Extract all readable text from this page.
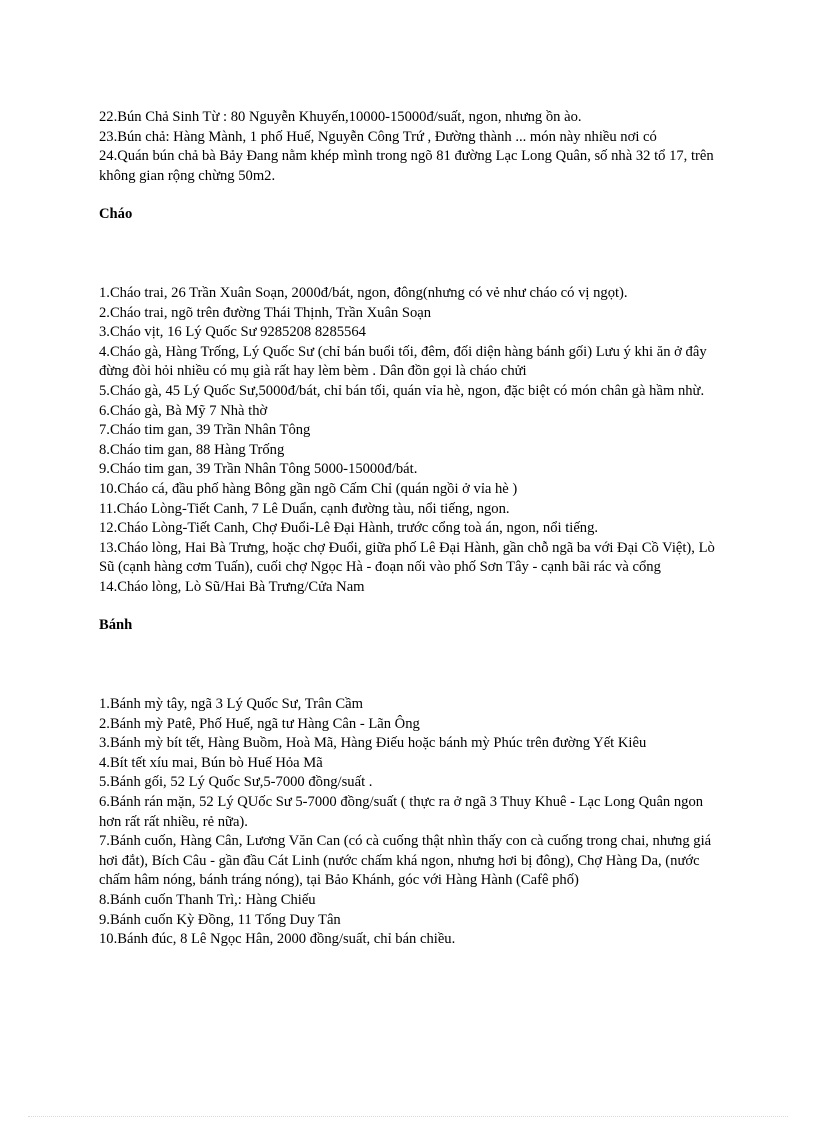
22.Bún Chả Sinh Từ : 80 Nguyễn Khuyến,10000-15000đ/suất, ngon, nhưng ồn ào.

23.Bún chả: Hàng Mành, 1 phố Huế, Nguyễn Công Trứ , Đường thành ... món này nhiều nơi có

24.Quán bún chả bà Bảy Đang nằm khép mình trong ngõ 81 đường Lạc Long Quân, số nhà 32 tổ 17, trên không gian rộng chừng 50m2.

Cháo

1.Cháo trai, 26 Trần Xuân Soạn, 2000đ/bát, ngon, đông(nhưng có vẻ như cháo có vị ngọt).

2.Cháo trai, ngõ trên đường Thái Thịnh, Trần Xuân Soạn

3.Cháo vịt, 16 Lý Quốc Sư 9285208 8285564

4.Cháo gà, Hàng Trống, Lý Quốc Sư (chỉ bán buổi tối, đêm, đối diện hàng bánh gối) Lưu ý khi ăn ở đây đừng đòi hỏi nhiều có mụ già rất hay lèm bèm . Dân đồn gọi là cháo chửi

5.Cháo gà, 45 Lý Quốc Sư,5000đ/bát, chỉ bán tối, quán vỉa hè, ngon, đặc biệt có món chân gà hầm nhừ.

6.Cháo gà, Bà Mỹ 7 Nhà thờ

7.Cháo tim gan, 39 Trần Nhân Tông

8.Cháo tim gan, 88 Hàng Trống

9.Cháo tim gan, 39 Trần Nhân Tông 5000-15000đ/bát.

10.Cháo cá, đầu phố hàng Bông gần ngõ Cấm Chỉ (quán ngồi ở vỉa hè )

11.Cháo Lòng-Tiết Canh, 7 Lê Duẩn, cạnh đường tàu, nổi tiếng, ngon.

12.Cháo Lòng-Tiết Canh, Chợ Đuổi-Lê Đại Hành, trước cổng toà án, ngon, nổi tiếng.

13.Cháo lòng, Hai Bà Trưng, hoặc chợ Đuổi, giữa phố Lê Đại Hành, gần chỗ ngã ba với Đại Cồ Việt), Lò Sũ (cạnh hàng cơm Tuấn), cuối chợ Ngọc Hà - đoạn nối vào phố Sơn Tây - cạnh bãi rác và cổng

14.Cháo lòng, Lò Sũ/Hai Bà Trưng/Cửa Nam

Bánh

1.Bánh mỳ tây, ngã 3 Lý Quốc Sư, Trân Cầm

2.Bánh mỳ Patê, Phố Huế, ngã tư Hàng Cân - Lãn Ông

3.Bánh mỳ bít tết, Hàng Buồm, Hoà Mã, Hàng Điếu hoặc bánh mỳ Phúc trên đường Yết Kiêu

4.Bít tết xíu mai, Bún bò Huế Hỏa Mã

5.Bánh gối, 52 Lý Quốc Sư,5-7000 đồng/suất .

6.Bánh rán mặn, 52 Lý QUốc Sư 5-7000 đồng/suất ( thực ra ở ngã 3 Thuy Khuê - Lạc Long Quân ngon hơn rất rất nhiều, rẻ nữa).

7.Bánh cuốn, Hàng Cân, Lương Văn Can (có cà cuống thật nhìn thấy con cà cuống trong chai, nhưng giá hơi đắt), Bích Câu - gần đầu Cát Linh (nước chấm khá ngon, nhưng hơi bị đông), Chợ Hàng Da, (nước chấm hâm nóng, bánh tráng nóng), tại Bảo Khánh, góc với Hàng Hành (Cafê phố)

8.Bánh cuốn Thanh Trì,: Hàng Chiếu

9.Bánh cuốn Kỳ Đồng, 11 Tống Duy Tân

10.Bánh đúc, 8 Lê Ngọc Hân, 2000 đồng/suất, chỉ bán chiều.
